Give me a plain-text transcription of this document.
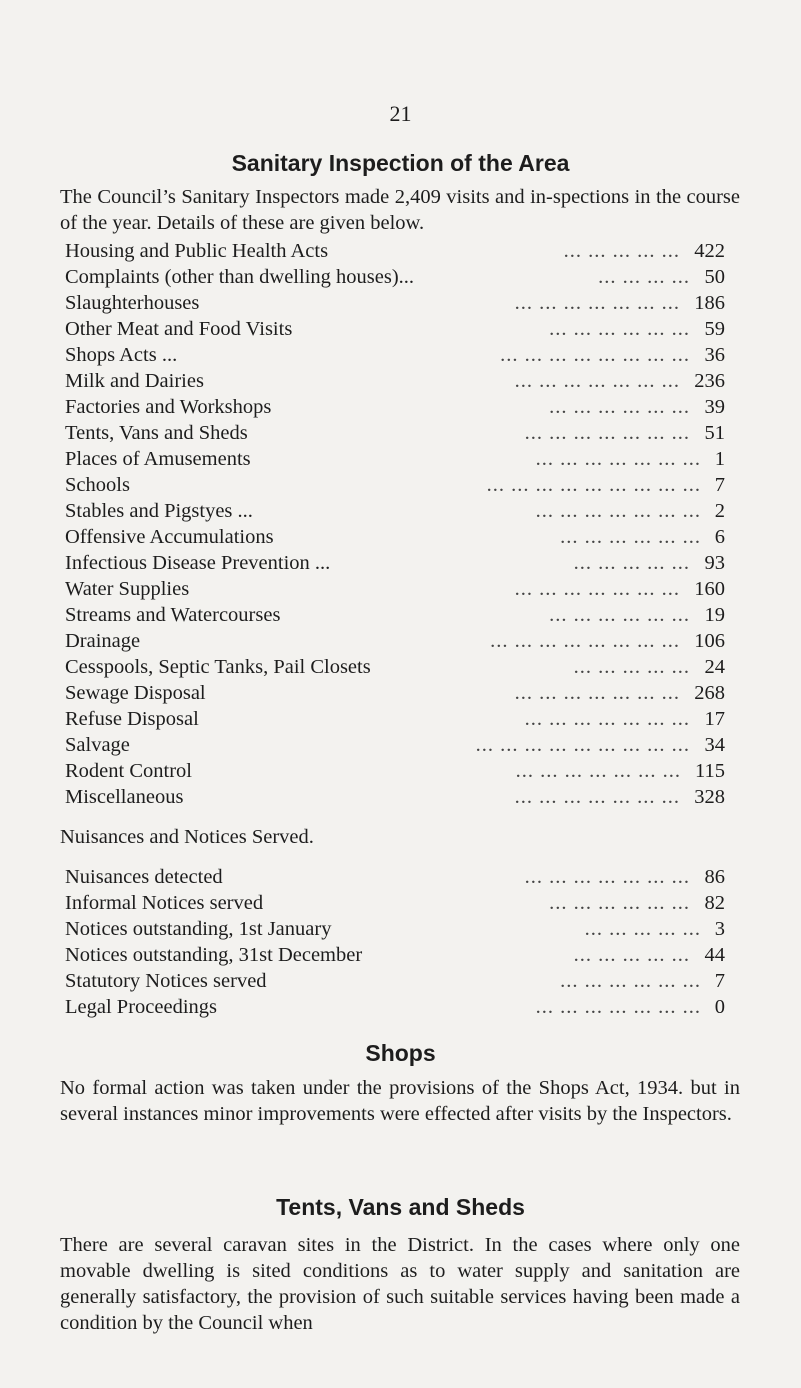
21
Sanitary Inspection of the Area
The Council’s Sanitary Inspectors made 2,409 visits and in-spections in the course of the year. Details of these are given below.
Housing and Public Health Acts	... ... ... ... ... 422
Complaints (other than dwelling houses)...	... ... ... ... 50
Slaughterhouses	... ... ... ... ... ... ... 186
Other Meat and Food Visits	... ... ... ... ... ... 59
Shops Acts ...	... ... ... ... ... ... ... ... 36
Milk and Dairies	... ... ... ... ... ... ... 236
Factories and Workshops	... ... ... ... ... ... 39
Tents, Vans and Sheds	... ... ... ... ... ... ... 51
Places of Amusements	... ... ... ... ... ... ... 1
Schools	... ... ... ... ... ... ... ... ... 7
Stables and Pigstyes ...	... ... ... ... ... ... ... 2
Offensive Accumulations	... ... ... ... ... ... 6
Infectious Disease Prevention ...	... ... ... ... ... 93
Water Supplies	... ... ... ... ... ... ... 160
Streams and Watercourses	... ... ... ... ... ... 19
Drainage	... ... ... ... ... ... ... ... 106
Cesspools, Septic Tanks, Pail Closets	... ... ... ... ... 24
Sewage Disposal	... ... ... ... ... ... ... 268
Refuse Disposal	... ... ... ... ... ... ... 17
Salvage	... ... ... ... ... ... ... ... ... 34
Rodent Control	... ... ... ... ... ... ... 115
Miscellaneous	... ... ... ... ... ... ... 328
Nuisances and Notices Served.
Nuisances detected	... ... ... ... ... ... ... 86
Informal Notices served	... ... ... ... ... ... 82
Notices outstanding, 1st January	... ... ... ... ... 3
Notices outstanding, 31st December	... ... ... ... ... 44
Statutory Notices served	... ... ... ... ... ... 7
Legal Proceedings	... ... ... ... ... ... ... 0
Shops
No formal action was taken under the provisions of the Shops Act, 1934. but in several instances minor improvements were effected after visits by the Inspectors.
Tents, Vans and Sheds
There are several caravan sites in the District. In the cases where only one movable dwelling is sited conditions as to water supply and sanitation are generally satisfactory, the provision of such suitable services having been made a condition by the Council when
